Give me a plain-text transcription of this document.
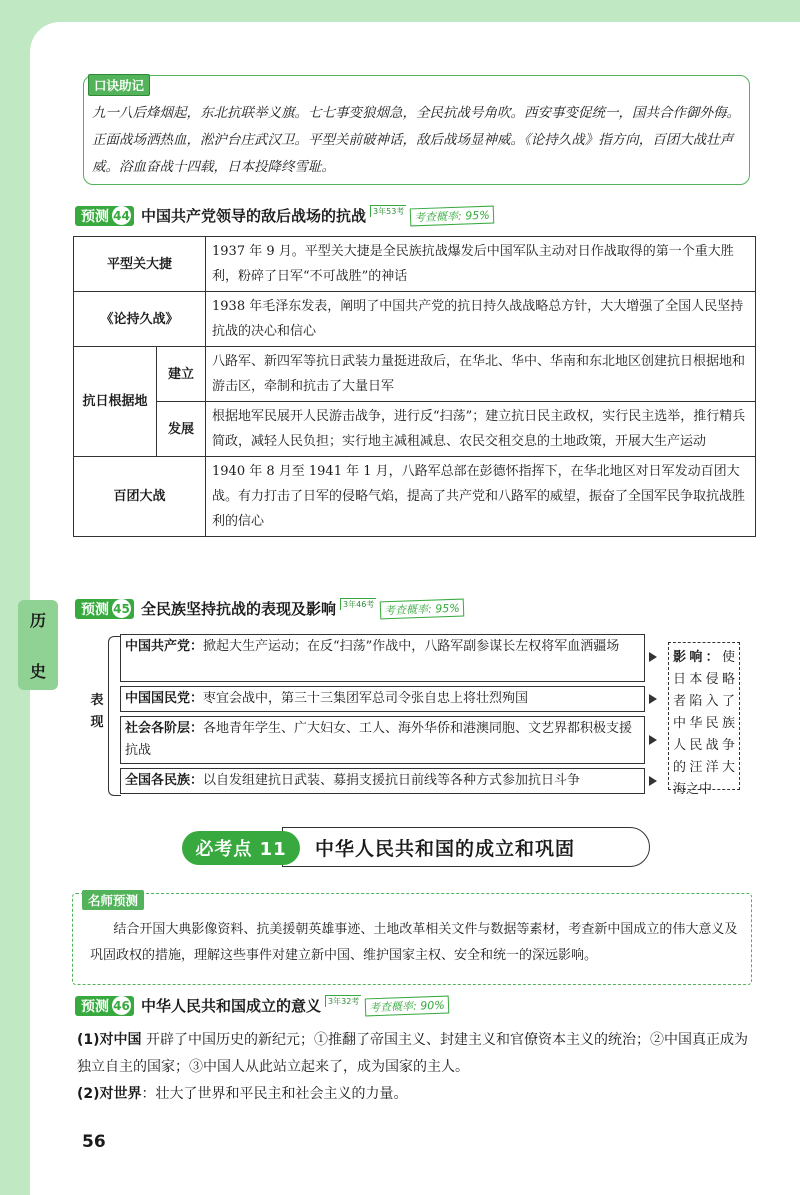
历
史
口诀助记
九一八后烽烟起，东北抗联举义旗。七七事变狼烟急，全民抗战号角吹。西安事变促统一，国共合作御外侮。正面战场洒热血，淞沪台庄武汉卫。平型关前破神话，敌后战场显神威。《论持久战》指方向，百团大战壮声威。浴血奋战十四载，日本投降终雪耻。
预测 44 中国共产党领导的敌后战场的抗战 3年53考 考查概率: 95%
平型关大捷		1937 年 9 月。平型关大捷是全民族抗战爆发后中国军队主动对日作战取得的第一个重大胜利，粉碎了日军“不可战胜”的神话
《论持久战》		1938 年毛泽东发表，阐明了中国共产党的抗日持久战战略总方针，大大增强了全国人民坚持抗战的决心和信心
抗日根据地	建立	八路军、新四军等抗日武装力量挺进敌后，在华北、华中、华南和东北地区创建抗日根据地和游击区，牵制和抗击了大量日军
	发展	根据地军民展开人民游击战争，进行反“扫荡”；建立抗日民主政权，实行民主选举，推行精兵简政，减轻人民负担；实行地主减租减息、农民交租交息的土地政策，开展大生产运动
百团大战		1940 年 8 月至 1941 年 1 月，八路军总部在彭德怀指挥下，在华北地区对日军发动百团大战。有力打击了日军的侵略气焰，提高了共产党和八路军的威望，振奋了全国军民争取抗战胜利的信心
预测 45 全民族坚持抗战的表现及影响 3年46考 考查概率: 95%
表
现
中国共产党：掀起大生产运动；在反“扫荡”作战中，八路军副参谋长左权将军血洒疆场
中国国民党：枣宜会战中，第三十三集团军总司令张自忠上将壮烈殉国
社会各阶层：各地青年学生、广大妇女、工人、海外华侨和港澳同胞、文艺界都积极支援抗战
全国各民族：以自发组建抗日武装、募捐支援抗日前线等各种方式参加抗日斗争
影响：使日本侵略者陷入了中华民族人民战争的汪洋大海之中
中华人民共和国的成立和巩固
必考点 11
名师预测
结合开国大典影像资料、抗美援朝英雄事迹、土地改革相关文件与数据等素材，考查新中国成立的伟大意义及巩固政权的措施，理解这些事件对建立新中国、维护国家主权、安全和统一的深远影响。
预测 46 中华人民共和国成立的意义 3年32考 考查概率: 90%
(1)对中国 开辟了中国历史的新纪元；①推翻了帝国主义、封建主义和官僚资本主义的统治；②中国真正成为独立自主的国家；③中国人从此站立起来了，成为国家的主人。
(2)对世界：壮大了世界和平民主和社会主义的力量。
56
